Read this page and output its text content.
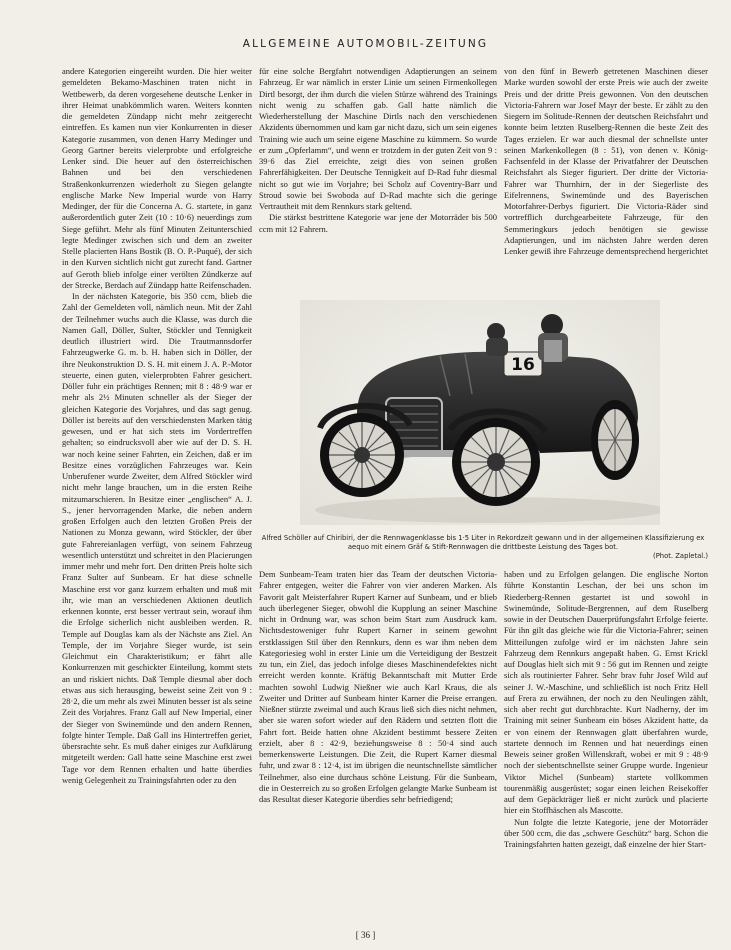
ALLGEMEINE AUTOMOBIL-ZEITUNG

andere Kategorien eingereiht wurden. Die hier weiter gemeldeten Bekamo-Maschinen traten nicht in Wettbewerb, da deren vorgesehene deutsche Lenker in ihrer Heimat unabkömmlich waren. Weiters konnten die gemeldeten Zündapp nicht mehr zeitgerecht eintreffen. Es kamen nun vier Konkurrenten in dieser Kategorie zusammen, von denen Harry Medinger und Georg Gartner bereits vielerprobte und erfolgreiche Lenker sind. Die heuer auf den österreichischen Bahnen und bei den verschiedenen Straßenkonkurrenzen wiederholt zu Siegen gelangte englische Marke New Imperial wurde von Harry Medinger, der für die Concerna A. G. startete, in ganz außerordentlich guter Zeit (10 : 10·6) neuerdings zum Siege geführt. Mehr als fünf Minuten Zeitunterschied legte Medinger zwischen sich und dem an zweiter Stelle placierten Hans Bostik (B. O. P.-Puqué), der sich in den Kurven sichtlich nicht gut zurecht fand. Gartner auf Geroth blieb infolge einer verölten Zündkerze auf der Strecke, Berdach auf Zündapp hatte Reifenschaden.

In der nächsten Kategorie, bis 350 ccm, blieb die Zahl der Gemeldeten voll, nämlich neun. Mit der Zahl der Teilnehmer wuchs auch die Klasse, was durch die Namen Gall, Döller, Sulter, Stöckler und Tennigkeit deutlich illustriert wird. Die Trautmannsdorfer Fahrzeugwerke G. m. b. H. haben sich in Döller, der ihre Neukonstruktion D. S. H. mit einem J. A. P.-Motor steuerte, einen guten, vielerprobten Fahrer gesichert. Döller fuhr ein prächtiges Rennen; mit 8 : 48·9 war er mehr als 2½ Minuten schneller als der Sieger der gleichen Kategorie des Vorjahres, und das sagt genug. Döller ist bereits auf den verschiedensten Marken tätig gewesen, und er hat sich stets im Vordertreffen gehalten; so eindrucksvoll aber wie auf der D. S. H. war noch keine seiner Fahrten, ein Zeichen, daß er im Besitze eines vorzüglichen Fahrzeuges war. Kein Unberufener wurde Zweiter, dem Alfred Stöckler wird nicht mehr lange brauchen, um in die ersten Reihe mitzumarschieren. In Besitze einer „englischen“ A. J. S., jener hervorragenden Marke, die neben andern großen Erfolgen auch den letzten Großen Preis der Nationen zu Monza gewann, wird Stöckler, der über gute Fahrereianlagen verfügt, von seinem Fahrzeug wesentlich unterstützt und schreitet in den Placierungen immer mehr und mehr fort. Den dritten Preis holte sich Franz Sulter auf Sunbeam. Er hat diese schnelle Maschine erst vor ganz kurzem erhalten und muß mit ihr, wie man an verschiedenen Aktionen deutlich erkennen konnte, erst besser vertraut sein, worauf ihm die Erfolge sicherlich nicht ausbleiben werden. R. Temple auf Douglas kam als der Nächste ans Ziel. An Temple, der im Vorjahre Sieger wurde, ist sein Gleichmut ein Charakteristikum; er fährt alle Konkurrenzen mit geschickter Einteilung, kommt stets an und riskiert nichts. Daß Temple diesmal aber doch etwas aus sich herausging, beweist seine Zeit von 9 : 28·2, die um mehr als zwei Minuten besser ist als seine Zeit des Vorjahres. Franz Gall auf New Imperial, einer der Sieger von Swinemünde und den andern Rennen, folgte hinter Temple. Daß Gall ins Hintertreffen geriet, übersrachte sehr. Es muß daher einiges zur Aufklärung mitgeteilt werden: Gall hatte seine Maschine erst zwei Tage vor dem Rennen erhalten und hatte überdies wenig Gelegenheit zu Trainingsfahrten oder zu den

für eine solche Bergfahrt notwendigen Adaptierungen an seinem Fahrzeug. Er war nämlich in erster Linie um seinen Firmenkollegen Dirtl besorgt, der ihm durch die vielen Stürze während des Trainings nicht wenig zu schaffen gab. Gall hatte nämlich die Wiederherstellung der Maschine Dirtls nach den verschiedenen Akzidents übernommen und kam gar nicht dazu, sich um sein eigenes Training wie auch um seine eigene Maschine zu kümmern. So wurde er zum „Opferlamm“, und wenn er trotzdem in der guten Zeit von 9 : 39·6 das Ziel erreichte, zeigt dies von seinen großen Fahrerfähigkeiten. Der Deutsche Tennigkeit auf D-Rad fuhr diesmal nicht so gut wie im Vorjahre; bei Scholz auf Coventry-Barr und Stroud sowie bei Swoboda auf D-Rad machte sich die geringe Vertrautheit mit dem Rennkurs stark geltend.

Die stärkst bestrittene Kategorie war jene der Motorräder bis 500 ccm mit 12 Fahrern.

von den fünf in Bewerb getretenen Maschinen dieser Marke wurden sowohl der erste Preis wie auch der zweite Preis und der dritte Preis gewonnen. Von den deutschen Victoria-Fahrern war Josef Mayr der beste. Er zählt zu den Siegern im Solitude-Rennen der deutschen Reichsfahrt und konnte beim letzten Ruselberg-Rennen die beste Zeit des Tages erzielen. Er war auch diesmal der schnellste unter seinen Markenkollegen (8 : 51), von denen v. König-Fachsenfeld in der Klasse der Privatfahrer der Deutschen Reichsfahrt als Sieger figuriert. Der dritte der Victoria-Fahrer war Thurnhirn, der in der Siegerliste des Eifelrennens, Swinemünde und des Bayerischen Motorfahrer-Derbys figuriert. Die Victoria-Räder sind vortrefflich durchgearbeitete Fahrzeuge, für den Semmeringkurs jedoch benötigen sie gewisse Adaptierungen, und im nächsten Jahre werden deren Lenker gewiß ihre Fahrzeuge dementsprechend hergerichtet

16
Alfred Schöller auf Chiribiri, der die Rennwagenklasse bis 1·5 Liter in Rekordzeit gewann und in der allgemeinen Klassifizierung ex aequo mit einem Gräf & Stift-Rennwagen die drittbeste Leistung des Tages bot.
(Phot. Zapletal.)

Dem Sunbeam-Team traten hier das Team der deutschen Victoria-Fahrer entgegen, weiter die Fahrer von vier anderen Marken. Als Favorit galt Meisterfahrer Rupert Karner auf Sunbeam, und er blieb auch überlegener Sieger, obwohl die Kupplung an seiner Maschine nicht in Ordnung war, was schon beim Start zum Ausdruck kam. Nichtsdestoweniger fuhr Rupert Karner in seinem gewohnt erstklassigen Stil über den Rennkurs, denn es war ihm neben dem Kategoriesieg wohl in erster Linie um die Verteidigung der Bestzeit zu tun, ein Ziel, das jedoch infolge dieses Maschinendefektes nicht erreicht werden konnte. Kräftig Bekanntschaft mit Mutter Erde machten sowohl Ludwig Nießner wie auch Karl Kraus, die als Zweiter und Dritter auf Sunbeam hinter Karner die Preise errangen. Nießner stürzte zweimal und auch Kraus ließ sich dies nicht nehmen, aber sie waren sofort wieder auf den Rädern und setzten flott die Fahrt fort. Beide hatten ohne Akzident bestimmt bessere Zeiten erzielt, aber 8 : 42·9, beziehungsweise 8 : 50·4 sind auch bemerkenswerte Leistungen. Die Zeit, die Rupert Karner diesmal fuhr, und zwar 8 : 12·4, ist im übrigen die neuntschnellste sämtlicher Teilnehmer, also eine durchaus schöne Leistung. Für die Sunbeam, die in Oesterreich zu so großen Erfolgen gelangte Marke Sunbeam ist das Resultat dieser Kategorie überdies sehr befriedigend;

haben und zu Erfolgen gelangen. Die englische Norton führte Konstantin Leschan, der bei uns schon im Riederberg-Rennen gestartet ist und sowohl in Swinemünde, Solitude-Bergrennen, auf dem Ruselberg sowie in der Deutschen Dauerprüfungsfahrt Erfolge feierte. Für ihn gilt das gleiche wie für die Victoria-Fahrer; seinen Mitteilungen zufolge wird er im nächsten Jahre sein Fahrzeug dem Rennkurs angepaßt haben. G. Ernst Krickl auf Douglas hielt sich mit 9 : 56 gut im Rennen und zeigte sich als routinierter Fahrer. Sehr brav fuhr Josef Wild auf seiner J. W.-Maschine, und schließlich ist noch Fritz Hell auf Frera zu erwähnen, der noch zu den Neulingen zählt, sich aber recht gut durchbrachte. Kurt Nadherny, der im Training mit seiner Sunbeam ein böses Akzident hatte, da er von einem der Rennwagen glatt überfahren wurde, startete dennoch im Rennen und hat neuerdings einen Beweis seiner großen Willenskraft, wobei er mit 9 : 48·9 noch der siebentschnellste seiner Gruppe wurde. Ingenieur Viktor Michel (Sunbeam) startete vollkommen tourenmäßig ausgerüstet; sogar einen leichen Reisekoffer auf dem Gepäckträger ließ er nicht zurück und placierte hier ein Stoffhäschen als Mascotte.

Nun folgte die letzte Kategorie, jene der Motorräder über 500 ccm, die das „schwere Geschütz“ barg. Schon die Trainingsfahrten hatten gezeigt, daß einzelne der hier Start-

[ 36 ]
